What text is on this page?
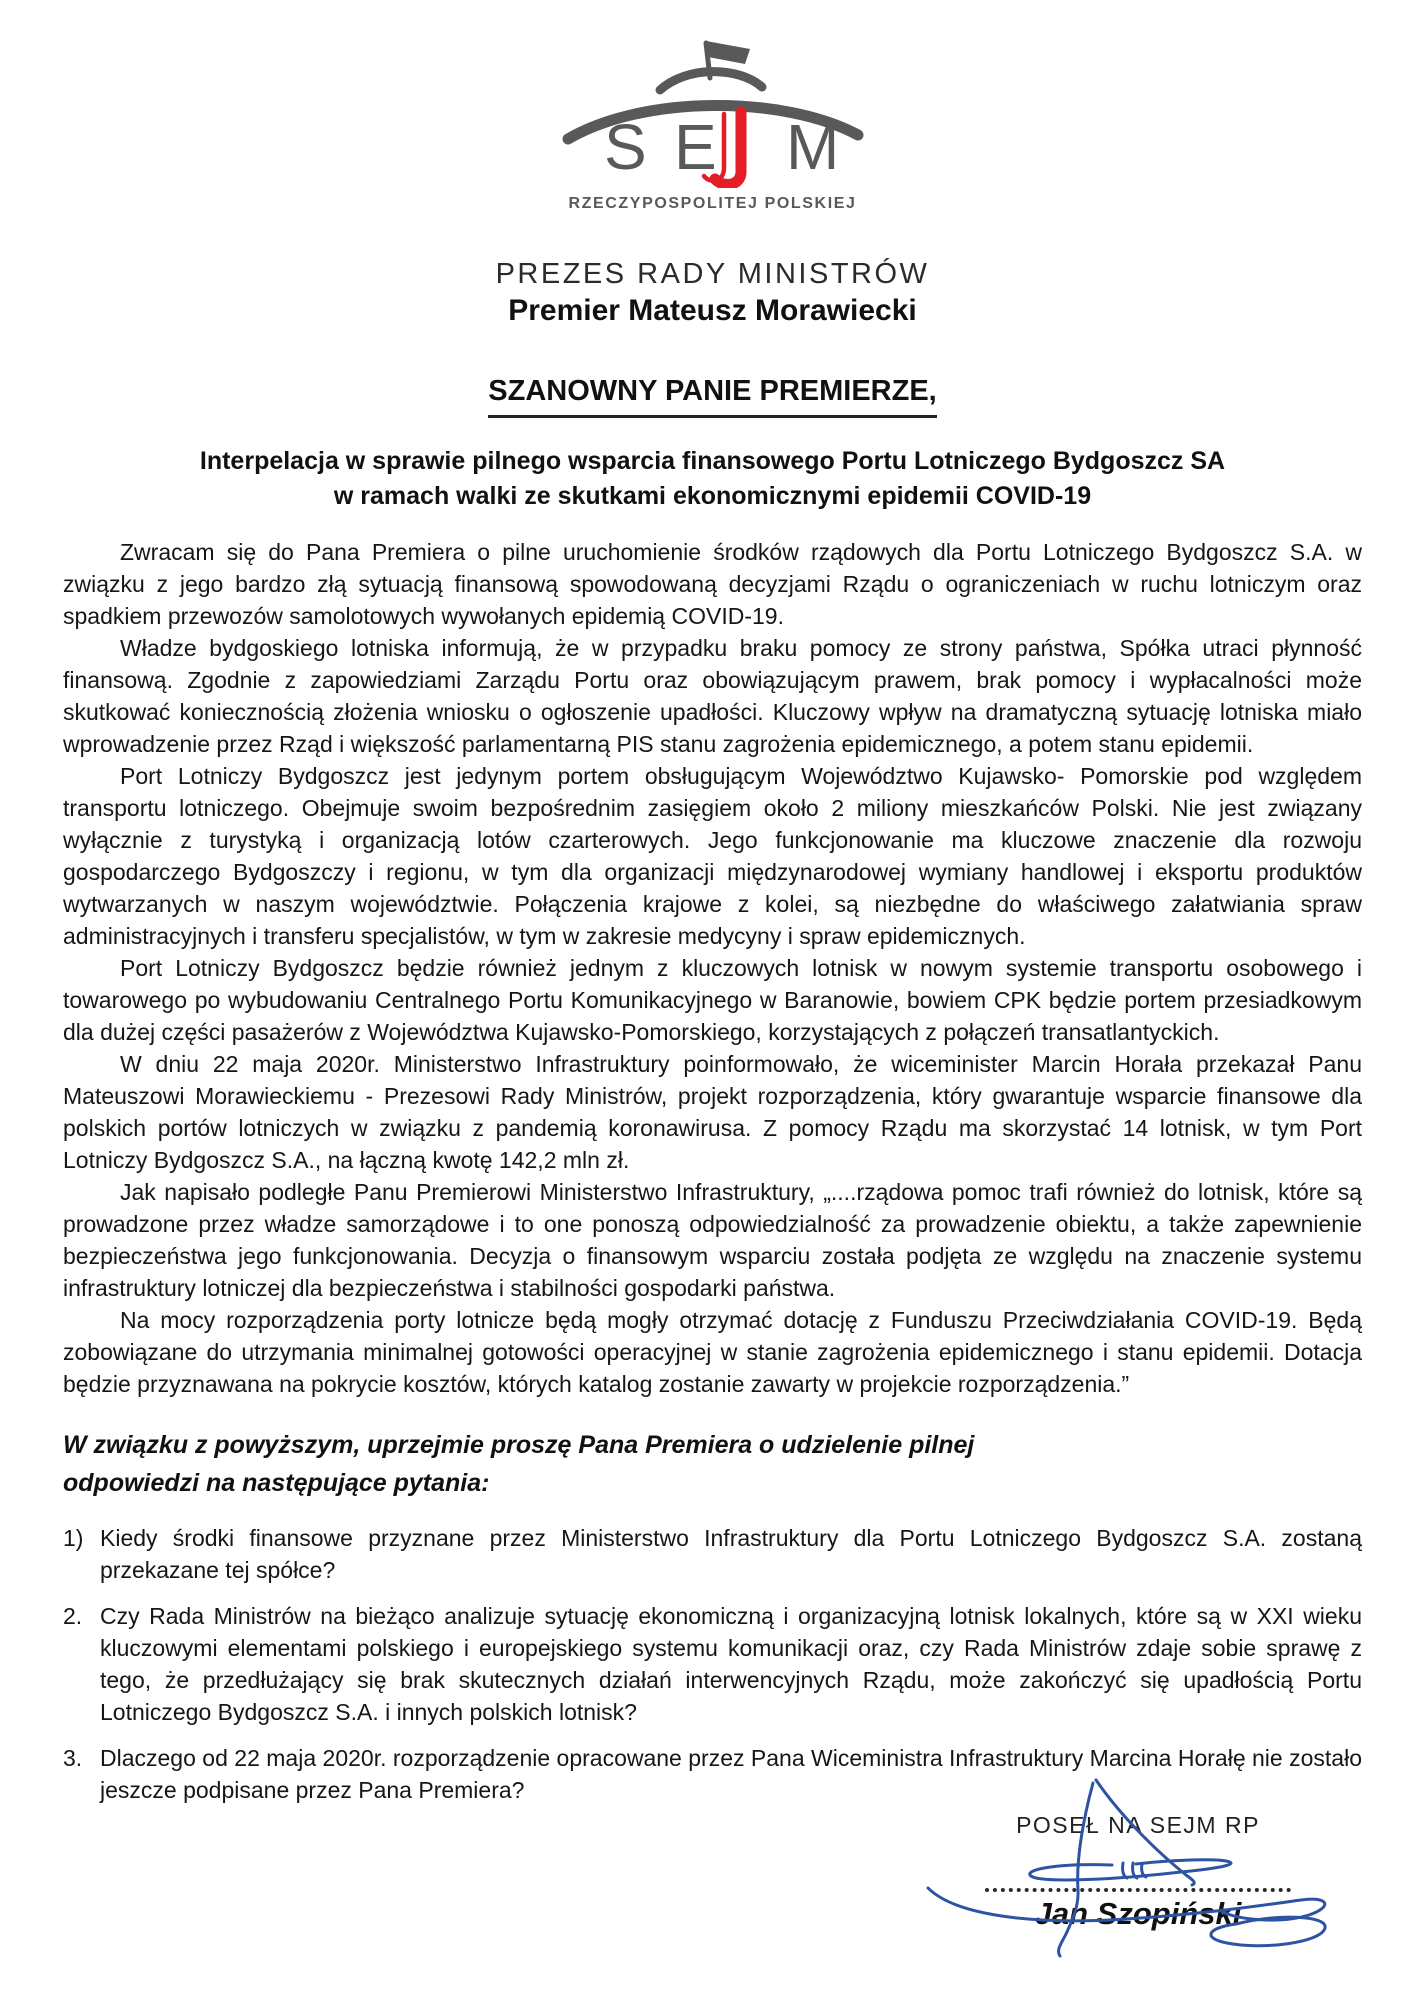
S E M
RZECZYPOSPOLITEJ POLSKIEJ
PREZES RADY MINISTRÓW
Premier Mateusz Morawiecki
SZANOWNY PANIE PREMIERZE,
Interpelacja w sprawie pilnego wsparcia finansowego Portu Lotniczego Bydgoszcz SA
w ramach walki ze skutkami ekonomicznymi epidemii COVID-19

Zwracam się do Pana Premiera o pilne uruchomienie środków rządowych dla Portu Lotniczego Bydgoszcz S.A. w związku z jego bardzo złą sytuacją finansową spowodowaną decyzjami Rządu o ograniczeniach w ruchu lotniczym oraz spadkiem przewozów samolotowych wywołanych epidemią COVID-19.

Władze bydgoskiego lotniska informują, że w przypadku braku pomocy ze strony państwa, Spółka utraci płynność finansową. Zgodnie z zapowiedziami Zarządu Portu oraz obowiązującym prawem, brak pomocy i wypłacalności może skutkować koniecznością złożenia wniosku o ogłoszenie upadłości. Kluczowy wpływ na dramatyczną sytuację lotniska miało wprowadzenie przez Rząd i większość parlamentarną PIS stanu zagrożenia epidemicznego, a potem stanu epidemii.

Port Lotniczy Bydgoszcz jest jedynym portem obsługującym Województwo Kujawsko- Pomorskie pod względem transportu lotniczego. Obejmuje swoim bezpośrednim zasięgiem około 2 miliony mieszkańców Polski. Nie jest związany wyłącznie z turystyką i organizacją lotów czarterowych. Jego funkcjonowanie ma kluczowe znaczenie dla rozwoju gospodarczego Bydgoszczy i regionu, w tym dla organizacji międzynarodowej wymiany handlowej i eksportu produktów wytwarzanych w naszym województwie. Połączenia krajowe z kolei, są niezbędne do właściwego załatwiania spraw administracyjnych i transferu specjalistów, w tym w zakresie medycyny i spraw epidemicznych.

Port Lotniczy Bydgoszcz będzie również jednym z kluczowych lotnisk w nowym systemie transportu osobowego i towarowego po wybudowaniu Centralnego Portu Komunikacyjnego w Baranowie, bowiem CPK będzie portem przesiadkowym dla dużej części pasażerów z Województwa Kujawsko-Pomorskiego, korzystających z połączeń transatlantyckich.

W dniu 22 maja 2020r. Ministerstwo Infrastruktury poinformowało, że wiceminister Marcin Horała przekazał Panu Mateuszowi Morawieckiemu - Prezesowi Rady Ministrów, projekt rozporządzenia, który gwarantuje wsparcie finansowe dla polskich portów lotniczych w związku z pandemią koronawirusa. Z pomocy Rządu ma skorzystać 14 lotnisk, w tym Port Lotniczy Bydgoszcz S.A., na łączną kwotę 142,2 mln zł.

Jak napisało podległe Panu Premierowi Ministerstwo Infrastruktury, „....rządowa pomoc trafi również do lotnisk, które są prowadzone przez władze samorządowe i to one ponoszą odpowiedzialność za prowadzenie obiektu, a także zapewnienie bezpieczeństwa jego funkcjonowania. Decyzja o finansowym wsparciu została podjęta ze względu na znaczenie systemu infrastruktury lotniczej dla bezpieczeństwa i stabilności gospodarki państwa.

Na mocy rozporządzenia porty lotnicze będą mogły otrzymać dotację z Funduszu Przeciwdziałania COVID-19. Będą zobowiązane do utrzymania minimalnej gotowości operacyjnej w stanie zagrożenia epidemicznego i stanu epidemii. Dotacja będzie przyznawana na pokrycie kosztów, których katalog zostanie zawarty w projekcie rozporządzenia.”

W związku z powyższym, uprzejmie proszę Pana Premiera o udzielenie pilnej
odpowiedzi na następujące pytania:
1) Kiedy środki finansowe przyznane przez Ministerstwo Infrastruktury dla Portu Lotniczego Bydgoszcz S.A. zostaną przekazane tej spółce?
2. Czy Rada Ministrów na bieżąco analizuje sytuację ekonomiczną i organizacyjną lotnisk lokalnych, które są w XXI wieku kluczowymi elementami polskiego i europejskiego systemu komunikacji oraz, czy Rada Ministrów zdaje sobie sprawę z tego, że przedłużający się brak skutecznych działań interwencyjnych Rządu, może zakończyć się upadłością Portu Lotniczego Bydgoszcz S.A. i innych polskich lotnisk?
3. Dlaczego od 22 maja 2020r. rozporządzenie opracowane przez Pana Wiceministra Infrastruktury Marcina Horałę nie zostało jeszcze podpisane przez Pana Premiera?
POSEŁ NA SEJM RP
Jan Szopiński
